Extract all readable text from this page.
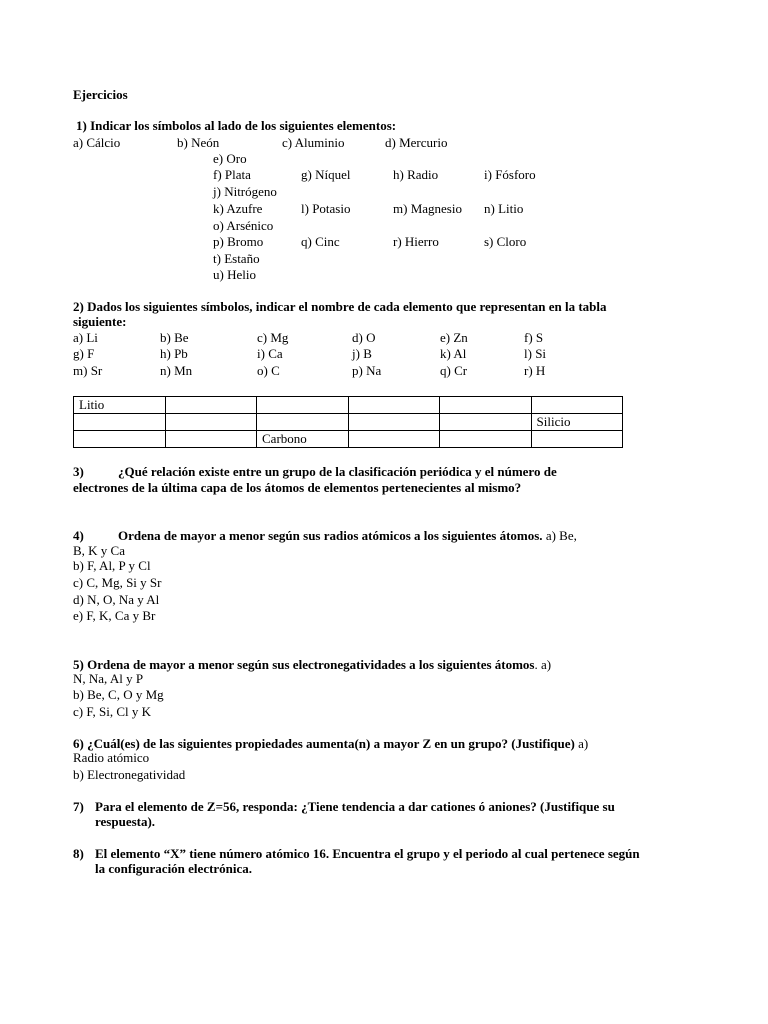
Ejercicios
1) Indicar los símbolos al lado de los siguientes elementos:
a) Cálcio	b) Neón	c) Aluminio	d) Mercurio
e) Oro
f) Plata	g) Níquel	h) Radio	i) Fósforo
j) Nitrógeno
k) Azufre	l) Potasio	m) Magnesio n) Litio
o) Arsénico
p) Bromo	q) Cinc	r) Hierro	s) Cloro
t) Estaño
u) Helio
2) Dados los siguientes símbolos, indicar el nombre de cada elemento que representan en la tabla
siguiente:
a) Li	b) Be	c) Mg	d) O	e) Zn	f) S
g) F	h) Pb	i) Ca	j) B	k) Al	l) Si
m) Sr	n) Mn	o) C	p) Na	q) Cr	r) H
Litio					
					Silicio
		Carbono			
3)	¿Qué relación existe entre un grupo de la clasificación periódica y el número de
electrones de la última capa de los átomos de elementos pertenecientes al mismo?
4)	Ordena de mayor a menor según sus radios atómicos a los siguientes átomos. a) Be,
B, K y Ca
b) F, Al, P y Cl
c) C, Mg, Si y Sr
d) N, O, Na y Al
e) F, K, Ca y Br
5) Ordena de mayor a menor según sus electronegatividades a los siguientes átomos. a)
N, Na, Al y P
b) Be, C, O y Mg
c) F, Si, Cl y K
6) ¿Cuál(es) de las siguientes propiedades aumenta(n) a mayor Z en un grupo? (Justifique) a)
Radio atómico
b) Electronegatividad
7) Para el elemento de Z=56, responda: ¿Tiene tendencia a dar cationes ó aniones? (Justifique su
respuesta).
8) El elemento “X” tiene número atómico 16. Encuentra el grupo y el periodo al cual pertenece según
la configuración electrónica.
